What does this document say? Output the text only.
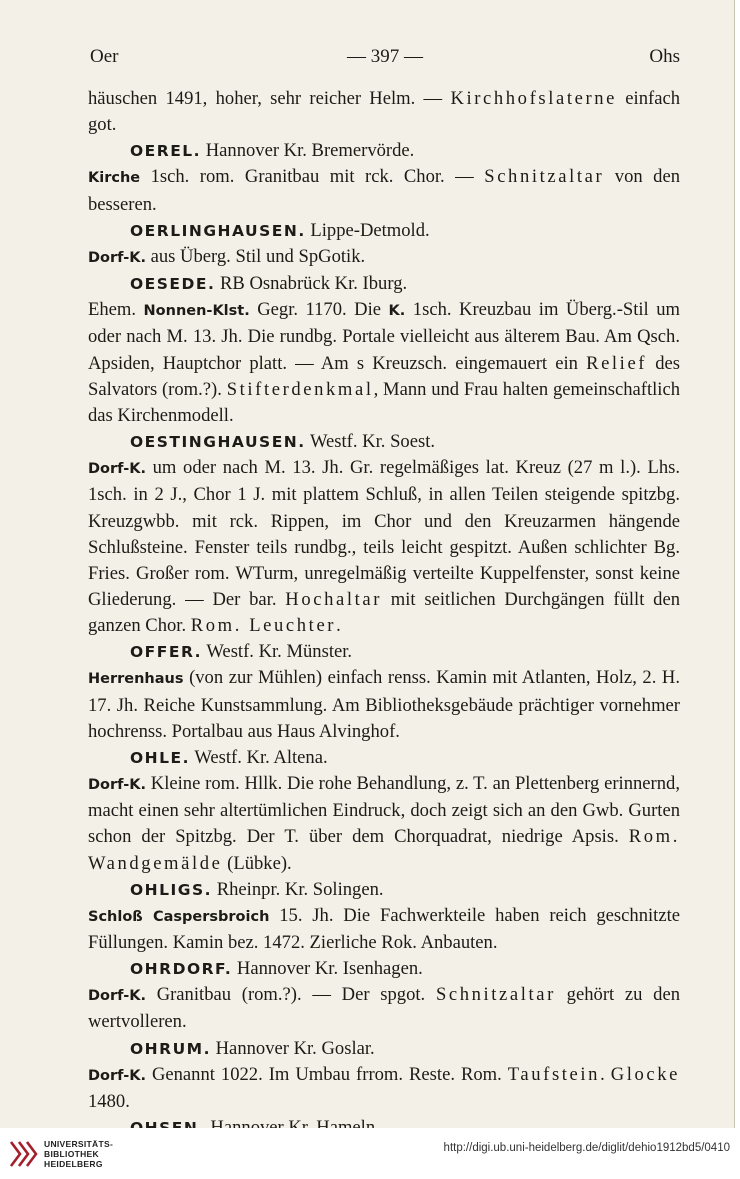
Oer	— 397 —	Ohs

häuschen 1491, hoher, sehr reicher Helm. — Kirchhofslaterne einfach got.

OEREL. Hannover Kr. Bremervörde.

Kirche 1sch. rom. Granitbau mit rck. Chor. — Schnitzaltar von den besseren.

OERLINGHAUSEN. Lippe-Detmold.

Dorf-K. aus Überg. Stil und SpGotik.

OESEDE. RB Osnabrück Kr. Iburg.

Ehem. Nonnen-Klst. Gegr. 1170. Die K. 1sch. Kreuzbau im Überg.-Stil um oder nach M. 13. Jh. Die rundbg. Portale vielleicht aus älterem Bau. Am Qsch. Apsiden, Hauptchor platt. — Am s Kreuzsch. eingemauert ein Relief des Salvators (rom.?). Stifterdenkmal, Mann und Frau halten gemeinschaftlich das Kirchenmodell.

OESTINGHAUSEN. Westf. Kr. Soest.

Dorf-K. um oder nach M. 13. Jh. Gr. regelmäßiges lat. Kreuz (27 m l.). Lhs. 1sch. in 2 J., Chor 1 J. mit plattem Schluß, in allen Teilen steigende spitzbg. Kreuzgwbb. mit rck. Rippen, im Chor und den Kreuzarmen hängende Schlußsteine. Fenster teils rundbg., teils leicht gespitzt. Außen schlichter Bg. Fries. Großer rom. WTurm, unregelmäßig verteilte Kuppelfenster, sonst keine Gliederung. — Der bar. Hochaltar mit seitlichen Durchgängen füllt den ganzen Chor. Rom. Leuchter.

OFFER. Westf. Kr. Münster.

Herrenhaus (von zur Mühlen) einfach renss. Kamin mit Atlanten, Holz, 2. H. 17. Jh. Reiche Kunstsammlung. Am Bibliotheksgebäude prächtiger vornehmer hochrenss. Portalbau aus Haus Alvinghof.

OHLE. Westf. Kr. Altena.

Dorf-K. Kleine rom. Hllk. Die rohe Behandlung, z. T. an Plettenberg erinnernd, macht einen sehr altertümlichen Eindruck, doch zeigt sich an den Gwb. Gurten schon der Spitzbg. Der T. über dem Chorquadrat, niedrige Apsis. Rom. Wandgemälde (Lübke).

OHLIGS. Rheinpr. Kr. Solingen.

Schloß Caspersbroich 15. Jh. Die Fachwerkteile haben reich geschnitzte Füllungen. Kamin bez. 1472. Zierliche Rok. Anbauten.

OHRDORF. Hannover Kr. Isenhagen.

Dorf-K. Granitbau (rom.?). — Der spgot. Schnitzaltar gehört zu den wertvolleren.

OHRUM. Hannover Kr. Goslar.

Dorf-K. Genannt 1022. Im Umbau frrom. Reste. Rom. Taufstein. Glocke 1480.

UNIVERSITÄTS-
BIBLIOTHEK
HEIDELBERG
http://digi.ub.uni-heidelberg.de/diglit/dehio1912bd5/0410
